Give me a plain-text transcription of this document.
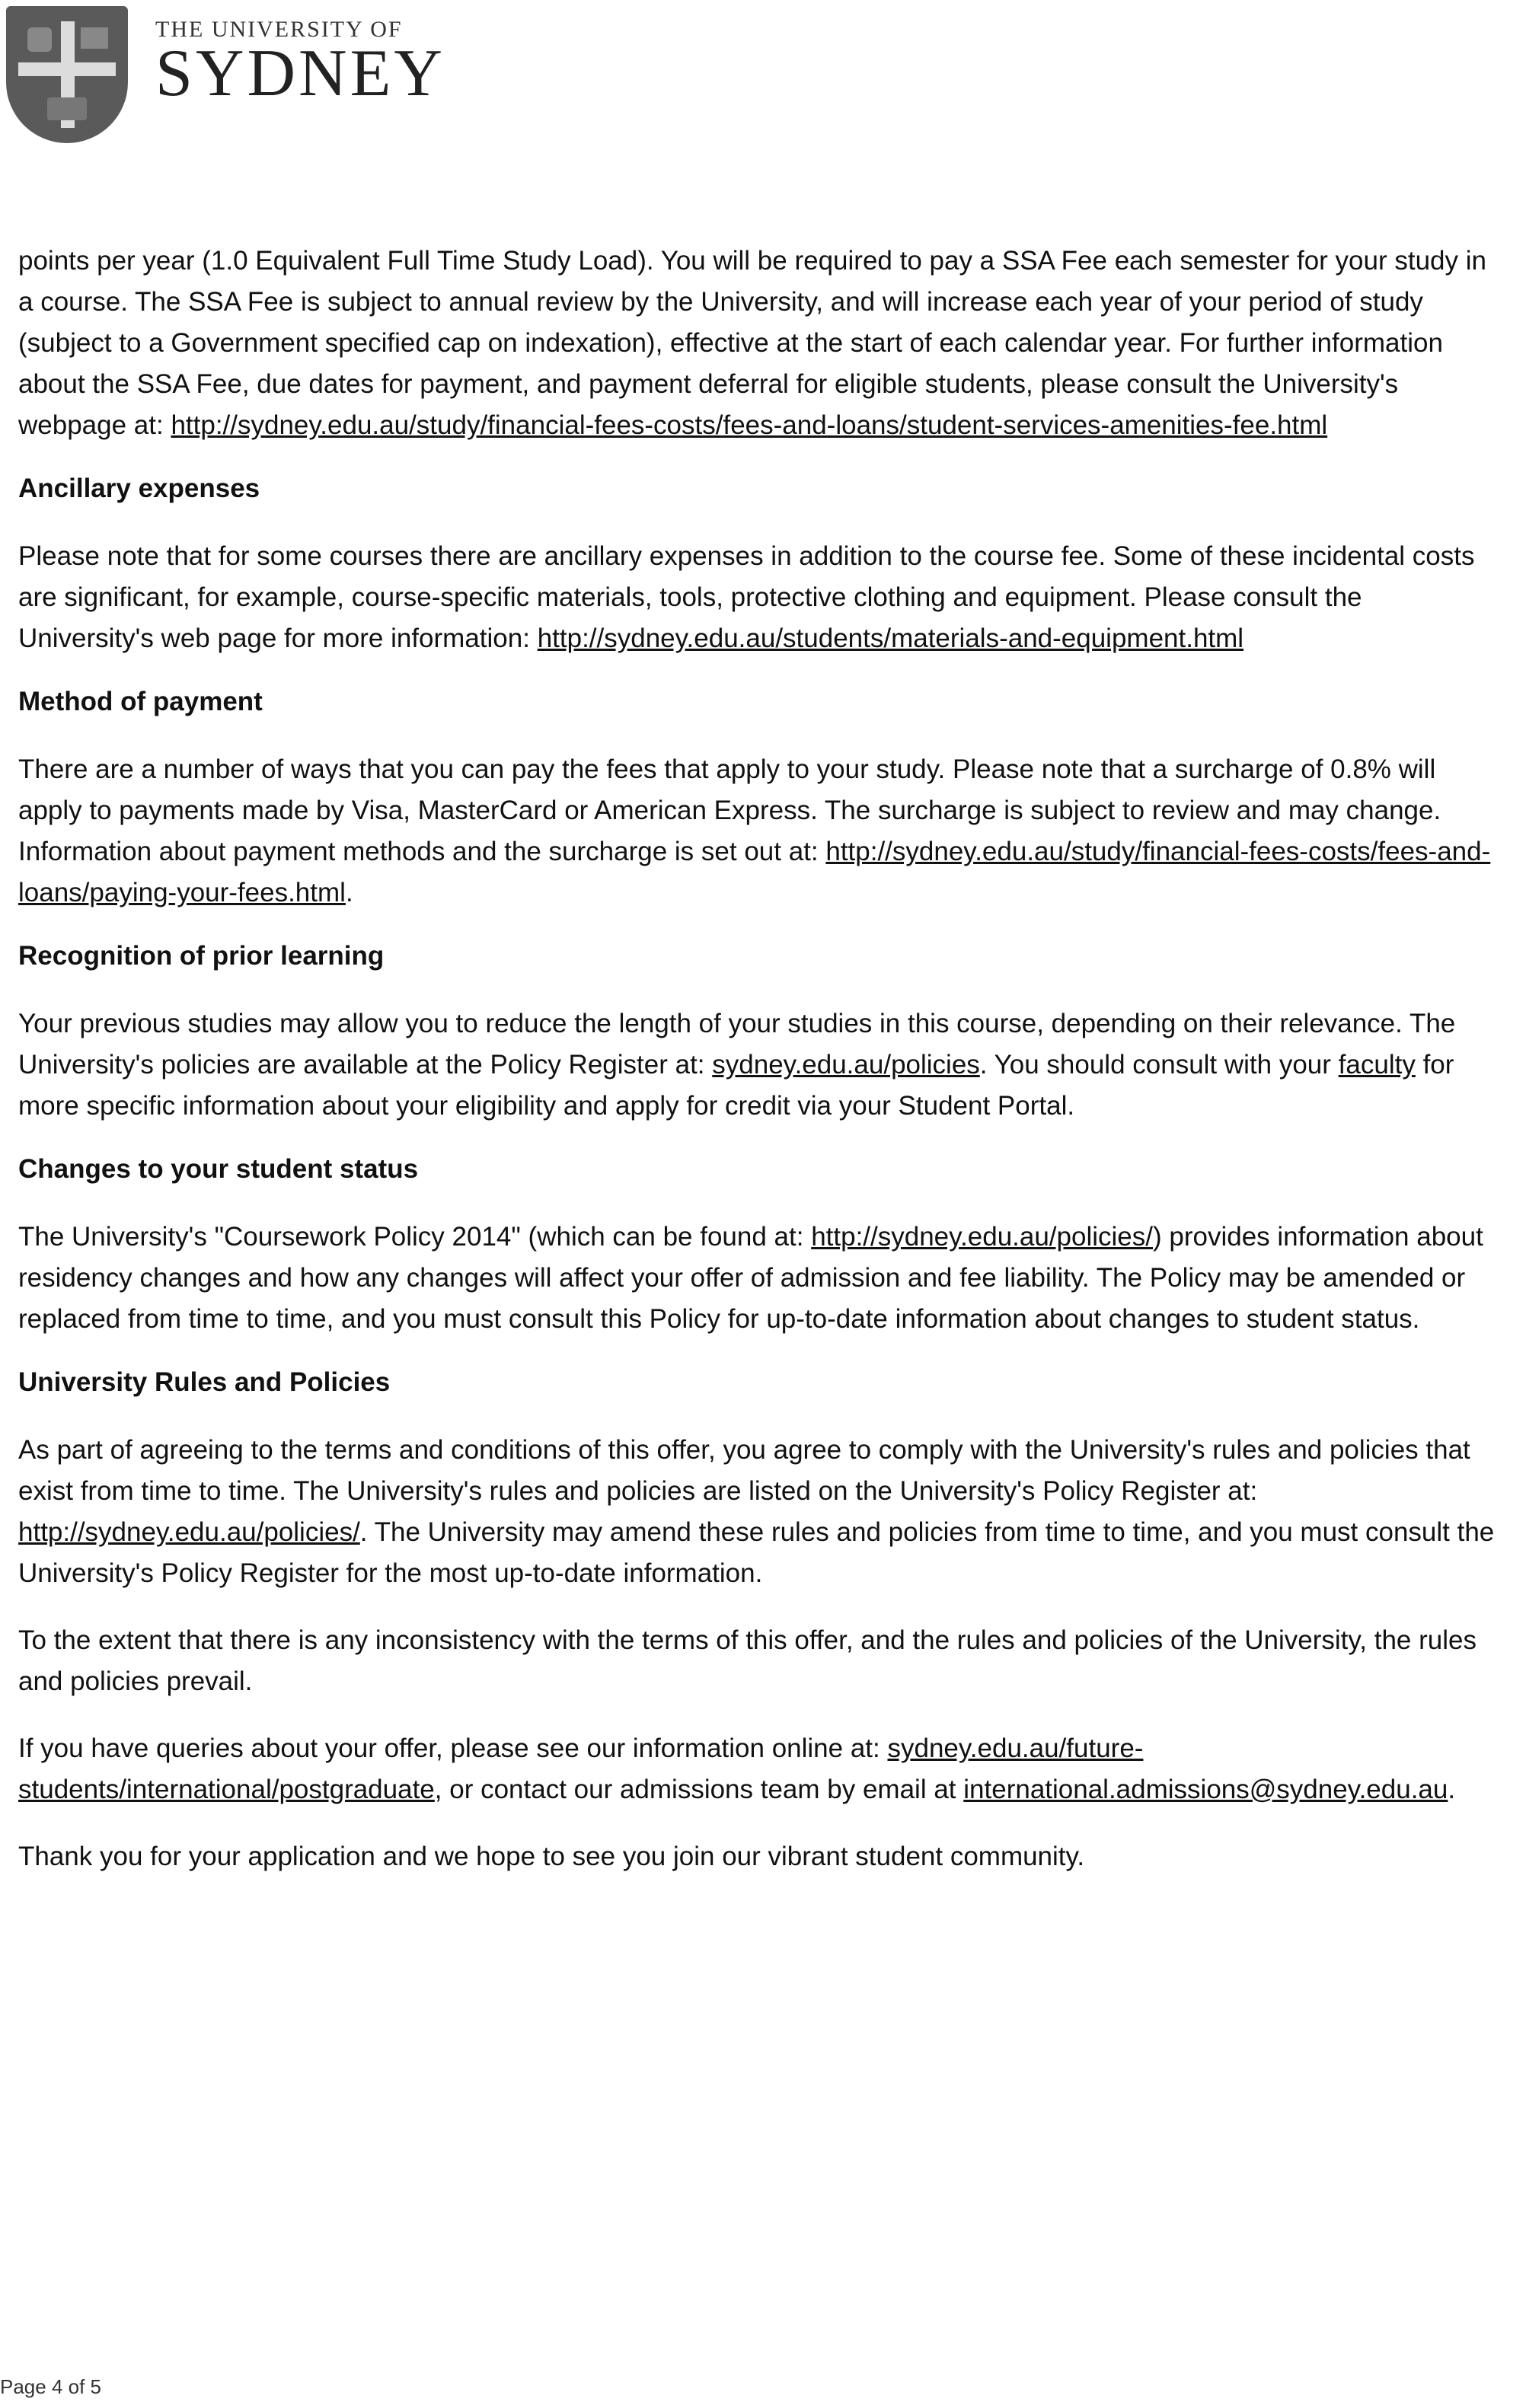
THE UNIVERSITY OF
SYDNEY

points per year (1.0 Equivalent Full Time Study Load). You will be required to pay a SSA Fee each semester for your study in a course. The SSA Fee is subject to annual review by the University, and will increase each year of your period of study (subject to a Government specified cap on indexation), effective at the start of each calendar year. For further information about the SSA Fee, due dates for payment, and payment deferral for eligible students, please consult the University's webpage at: http://sydney.edu.au/study/financial-fees-costs/fees-and-loans/student-services-amenities-fee.html

Ancillary expenses

Please note that for some courses there are ancillary expenses in addition to the course fee. Some of these incidental costs are significant, for example, course-specific materials, tools, protective clothing and equipment. Please consult the University's web page for more information: http://sydney.edu.au/students/materials-and-equipment.html

Method of payment

There are a number of ways that you can pay the fees that apply to your study. Please note that a surcharge of 0.8% will apply to payments made by Visa, MasterCard or American Express. The surcharge is subject to review and may change. Information about payment methods and the surcharge is set out at: http://sydney.edu.au/study/financial-fees-costs/fees-and-loans/paying-your-fees.html.

Recognition of prior learning

Your previous studies may allow you to reduce the length of your studies in this course, depending on their relevance. The University's policies are available at the Policy Register at: sydney.edu.au/policies. You should consult with your faculty for more specific information about your eligibility and apply for credit via your Student Portal.

Changes to your student status

The University's "Coursework Policy 2014" (which can be found at: http://sydney.edu.au/policies/) provides information about residency changes and how any changes will affect your offer of admission and fee liability. The Policy may be amended or replaced from time to time, and you must consult this Policy for up-to-date information about changes to student status.

University Rules and Policies

As part of agreeing to the terms and conditions of this offer, you agree to comply with the University's rules and policies that exist from time to time. The University's rules and policies are listed on the University's Policy Register at: http://sydney.edu.au/policies/. The University may amend these rules and policies from time to time, and you must consult the University's Policy Register for the most up-to-date information.

To the extent that there is any inconsistency with the terms of this offer, and the rules and policies of the University, the rules and policies prevail.

If you have queries about your offer, please see our information online at: sydney.edu.au/future-students/international/postgraduate, or contact our admissions team by email at international.admissions@sydney.edu.au.

Thank you for your application and we hope to see you join our vibrant student community.

Page 4 of 5
